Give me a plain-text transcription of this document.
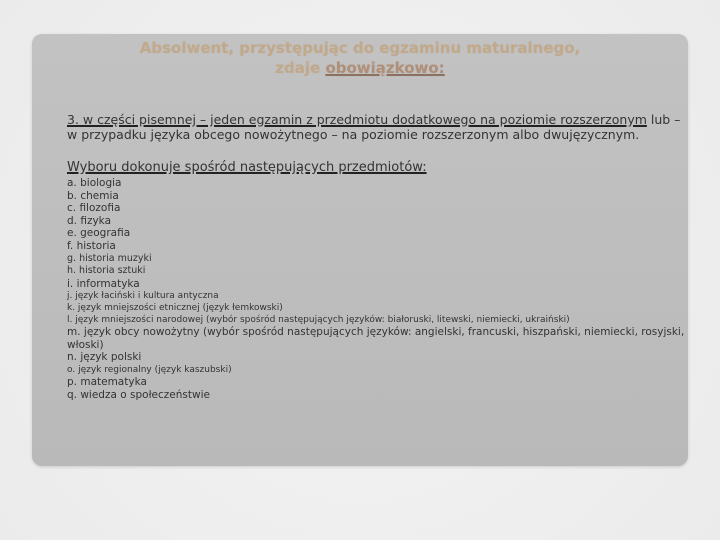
Absolwent, przystępując do egzaminu maturalnego,
zdaje obowiązkowo:
3. w części pisemnej – jeden egzamin z przedmiotu dodatkowego na poziomie rozszerzonym lub –
w przypadku języka obcego nowożytnego – na poziomie rozszerzonym albo dwujęzycznym.
Wyboru dokonuje spośród następujących przedmiotów:
a. biologia
b. chemia
c. filozofia
d. fizyka
e. geografia
f. historia
g. historia muzyki
h. historia sztuki
i. informatyka
j. język łaciński i kultura antyczna
k. język mniejszości etnicznej (język łemkowski)
l. język mniejszości narodowej (wybór spośród następujących języków: białoruski, litewski, niemiecki, ukraiński)
m. język obcy nowożytny (wybór spośród następujących języków: angielski, francuski, hiszpański, niemiecki, rosyjski, włoski)
n. język polski
o. język regionalny (język kaszubski)
p. matematyka
q. wiedza o społeczeństwie
